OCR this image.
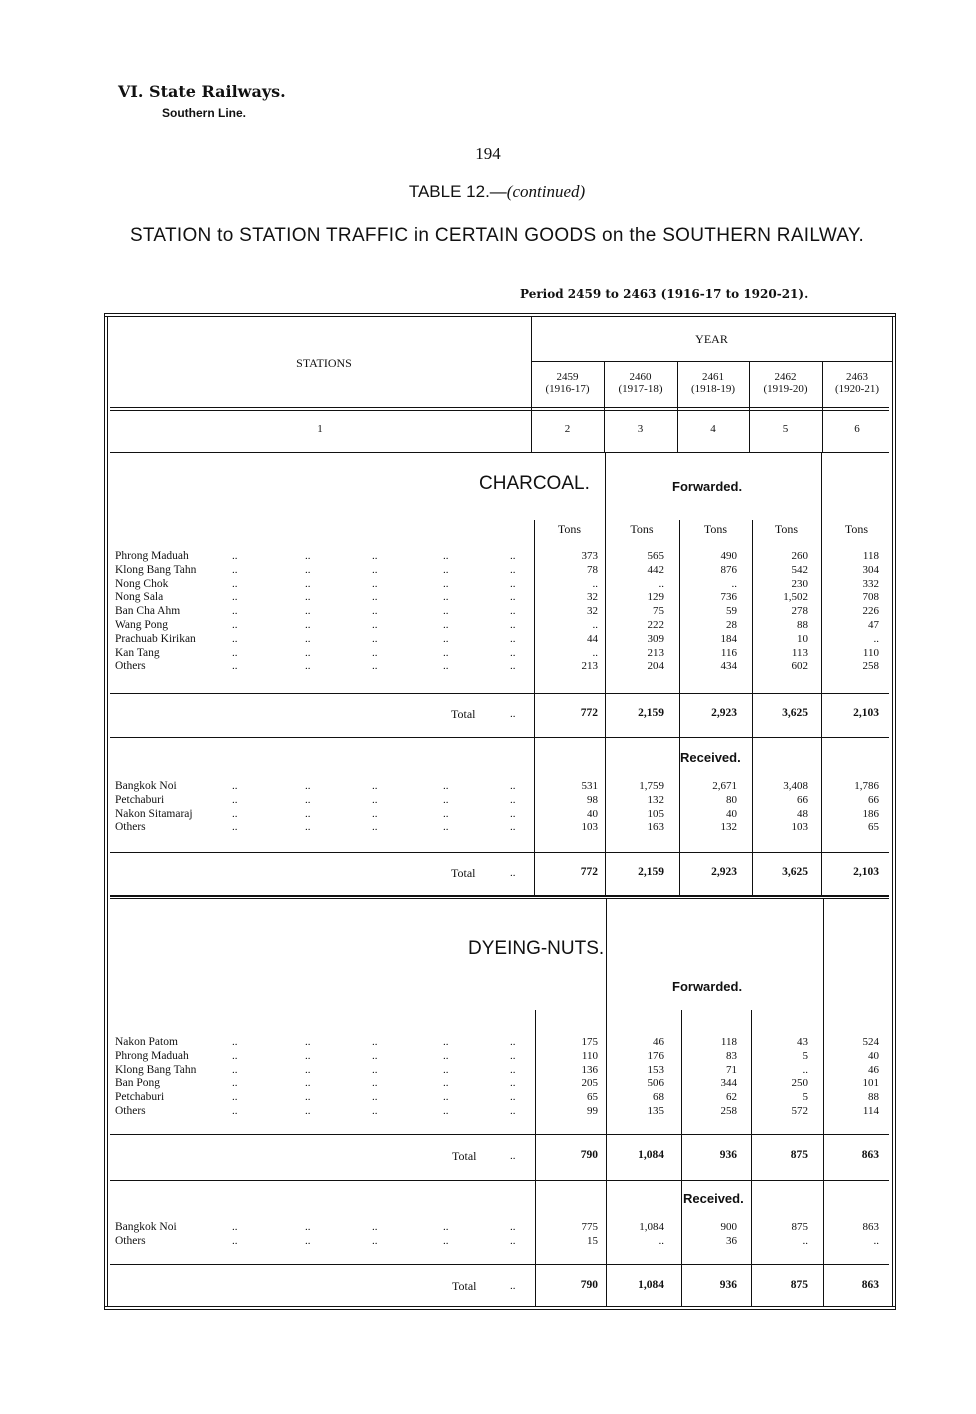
VI. State Railways.
Southern Line.
194
TABLE 12.—(continued)
STATION to STATION TRAFFIC in CERTAIN GOODS on the SOUTHERN RAILWAY.
Period 2459 to 2463 (1916-17 to 1920-21).
STATIONS
YEAR
2459
(1916-17)
2460
(1917-18)
2461
(1918-19)
2462
(1919-20)
2463
(1920-21)
1	2	3	4	5	6
CHARCOAL.	Forwarded.
Tons	Tons	Tons	Tons	Tons
Phrong Maduah	..	..	..	..	..	373	565	490	260	118
Klong Bang Tahn	..	..	..	..	..	78	442	876	542	304
Nong Chok	..	..	..	..	..	..	..	..	230	332
Nong Sala	..	..	..	..	..	32	129	736	1,502	708
Ban Cha Ahm	..	..	..	..	..	32	75	59	278	226
Wang Pong	..	..	..	..	..	..	222	28	88	47
Prachuab Kirikan	..	..	..	..	..	44	309	184	10	..
Kan Tang	..	..	..	..	..	..	213	116	113	110
Others	..	..	..	..	..	213	204	434	602	258
Total	..	772	2,159	2,923	3,625	2,103
Received.
Bangkok Noi	..	..	..	..	..	531	1,759	2,671	3,408	1,786
Petchaburi	..	..	..	..	..	98	132	80	66	66
Nakon Sitamaraj	..	..	..	..	..	40	105	40	48	186
Others	..	..	..	..	..	103	163	132	103	65
Total	..	772	2,159	2,923	3,625	2,103
DYEING-NUTS.
Forwarded.
Nakon Patom	..	..	..	..	..	175	46	118	43	524
Phrong Maduah	..	..	..	..	..	110	176	83	5	40
Klong Bang Tahn	..	..	..	..	..	136	153	71	..	46
Ban Pong	..	..	..	..	..	205	506	344	250	101
Petchaburi	..	..	..	..	..	65	68	62	5	88
Others	..	..	..	..	..	99	135	258	572	114
Total	..	790	1,084	936	875	863
Received.
Bangkok Noi	..	..	..	..	..	775	1,084	900	875	863
Others	..	..	..	..	..	15	..	36	..	..
Total	..	790	1,084	936	875	863
